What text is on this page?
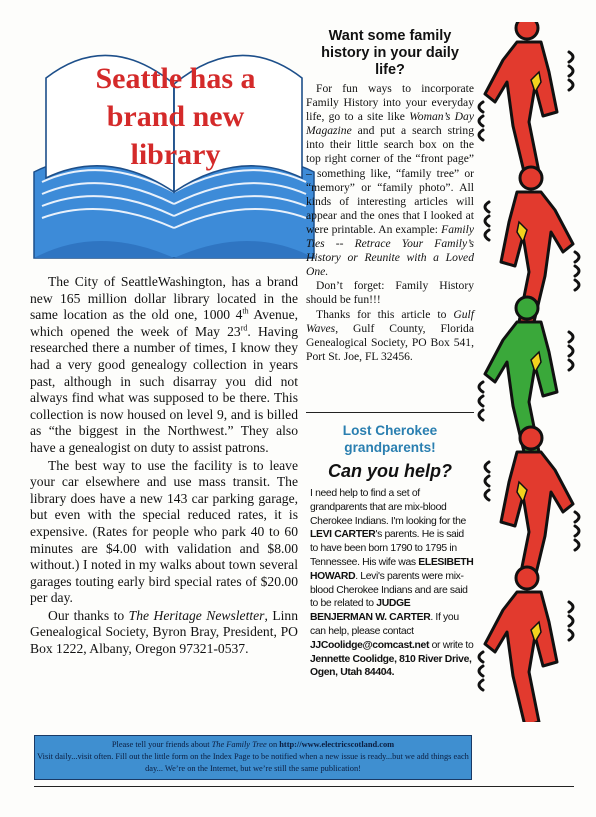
Seattle has a brand new library

The City of SeattleWashington, has a brand new 165 million dollar library located in the same location as the old one, 1000 4th Avenue, which opened the week of May 23rd. Having researched there a number of times, I know they had a very good genealogy collection in years past, although in such disarray you did not always find what was supposed to be there. This collection is now housed on level 9, and is billed as “the biggest in the Northwest.” They also have a genealogist on duty to assist patrons.

The best way to use the facility is to leave your car elsewhere and use mass transit. The library does have a new 143 car parking garage, but even with the special reduced rates, it is expensive. (Rates for people who park 40 to 60 minutes are $4.00 with validation and $8.00 without.) I noted in my walks about town several garages touting early bird special rates of $20.00 per day.

Our thanks to The Heritage Newsletter, Linn Genealogical Society, Byron Bray, President, PO Box 1222, Albany, Oregon 97321-0537.

Want some family history in your daily life?

For fun ways to incorporate Family History into your everyday life, go to a site like Woman’s Day Magazine and put a search string into their little search box on the top right corner of the “front page” – something like, “family tree” or “memory” or “family photo”. All kinds of interesting articles will appear and the ones that I looked at were printable. An example: Family Ties -- Retrace Your Family’s History or Reunite with a Loved One.

Don’t forget: Family History should be fun!!!

Thanks for this article to Gulf Waves, Gulf County, Florida Genealogical Society, PO Box 541, Port St. Joe, FL 32456.

Lost Cherokee grandparents!
Can you help?
I need help to find a set of grandparents that are mix-blood Cherokee Indians. I'm looking for the LEVI CARTER's parents. He is said to have been born 1790 to 1795 in Tennessee. His wife was ELESIBETH HOWARD. Levi's parents were mix-blood Cherokee Indians and are said to be related to JUDGE BENJERMAN W. CARTER. If you can help, please contact JJCoolidge@comcast.net or write to Jennette Coolidge, 810 River Drive, Ogen, Utah 84404.
Please tell your friends about The Family Tree on http://www.electricscotland.com
Visit daily...visit often. Fill out the little form on the Index Page to be notified when a new issue is ready...but we add things each day... We’re on the Internet, but we’re still the same publication!
